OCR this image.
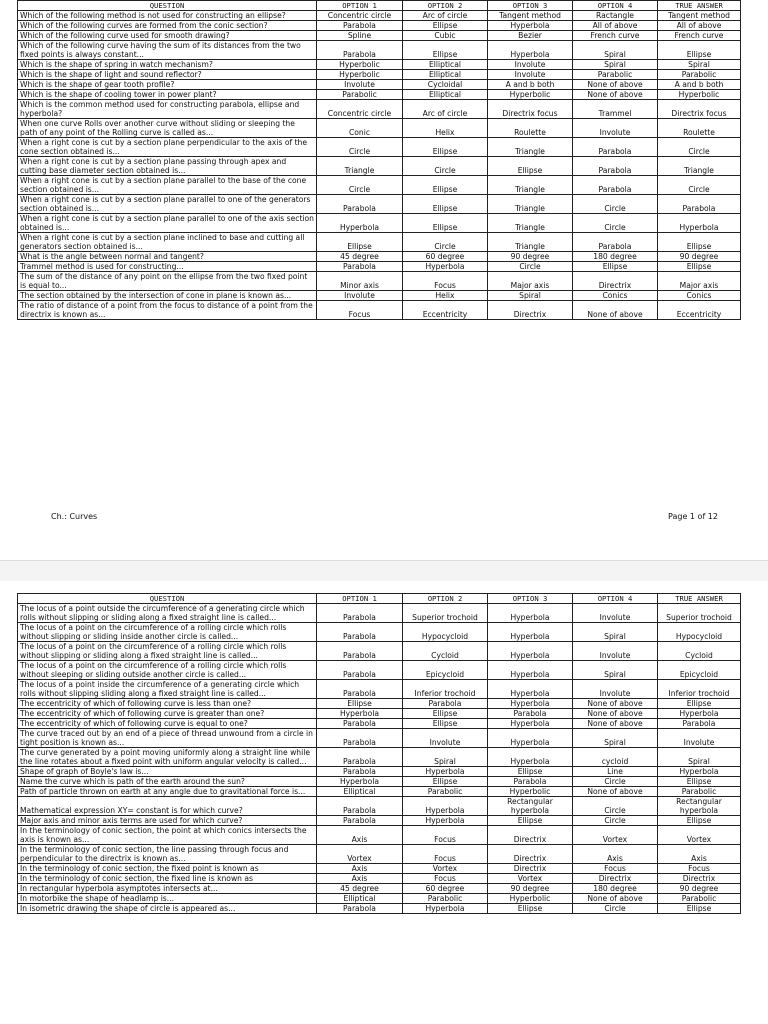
QUESTION	OPTION 1	OPTION 2	OPTION 3	OPTION 4	TRUE ANSWER
Which of the following method is not used for constructing an ellipse?	Concentric circle	Arc of circle	Tangent method	Ractangle	Tangent method
Which of the following curves are formed from the conic section?	Parabola	Ellipse	Hyperbola	All of above	All of above
Which of the following curve used for smooth drawing?	Spline	Cubic	Bezier	French curve	French curve
Which of the following curve having the sum of its distances from the two fixed points is always constant...	Parabola	Ellipse	Hyperbola	Spiral	Ellipse
Which is the shape of spring in watch mechanism?	Hyperbolic	Elliptical	Involute	Spiral	Spiral
Which is the shape of light and sound reflector?	Hyperbolic	Elliptical	Involute	Parabolic	Parabolic
Which is the shape of gear tooth profile?	Involute	Cycloidal	A and b both	None of above	A and b both
Which is the shape of cooling tower in power plant?	Parabolic	Elliptical	Hyperbolic	None of above	Hyperbolic
Which is the common method used for constructing parabola, ellipse and hyperbola?	Concentric circle	Arc of circle	Directrix focus	Trammel	Directrix focus
When one curve Rolls over another curve without sliding or sleeping the path of any point of the Rolling curve is called as...	Conic	Helix	Roulette	Involute	Roulette
When a right cone is cut by a section plane perpendicular to the axis of the cone section obtained is...	Circle	Ellipse	Triangle	Parabola	Circle
When a right cone is cut by a section plane passing through apex and cutting base diameter section obtained is...	Triangle	Circle	Ellipse	Parabola	Triangle
When a right cone is cut by a section plane parallel to the base of the cone section obtained is...	Circle	Ellipse	Triangle	Parabola	Circle
When a right cone is cut by a section plane parallel to one of the generators section obtained is...	Parabola	Ellipse	Triangle	Circle	Parabola
When a right cone is cut by a section plane parallel to one of the axis section obtained is...	Hyperbola	Ellipse	Triangle	Circle	Hyperbola
When a right cone is cut by a section plane inclined to base and cutting all generators section obtained is...	Ellipse	Circle	Triangle	Parabola	Ellipse
What is the angle between normal and tangent?	45 degree	60 degree	90 degree	180 degree	90 degree
Trammel method is used for constructing...	Parabola	Hyperbola	Circle	Ellipse	Ellipse
The sum of the distance of any point on the ellipse from the two fixed point is equal to...	Minor axis	Focus	Major axis	Directrix	Major axis
The section obtained by the intersection of cone in plane is known as...	Involute	Helix	Spiral	Conics	Conics
The ratio of distance of a point from the focus to distance of a point from the directrix is known as...	Focus	Eccentricity	Directrix	None of above	Eccentricity
Ch.: Curves	Page 1 of 12
QUESTION	OPTION 1	OPTION 2	OPTION 3	OPTION 4	TRUE ANSWER
The locus of a point outside the circumference of a generating circle which rolls without slipping or sliding along a fixed straight line is called...	Parabola	Superior trochoid	Hyperbola	Involute	Superior trochoid
The locus of a point on the circumference of a rolling circle which rolls without slipping or sliding inside another circle is called...	Parabola	Hypocycloid	Hyperbola	Spiral	Hypocycloid
The locus of a point on the circumference of a rolling circle which rolls without slipping or sliding along a fixed straight line is called...	Parabola	Cycloid	Hyperbola	Involute	Cycloid
The locus of a point on the circumference of a rolling circle which rolls without sleeping or sliding outside another circle is called...	Parabola	Epicycloid	Hyperbola	Spiral	Epicycloid
The locus of a point inside the circumference of a generating circle which rolls without slipping sliding along a fixed straight line is called...	Parabola	Inferior trochoid	Hyperbola	Involute	Inferior trochoid
The eccentricity of which of following curve is less than one?	Ellipse	Parabola	Hyperbola	None of above	Ellipse
The eccentricity of which of following curve is greater than one?	Hyperbola	Ellipse	Parabola	None of above	Hyperbola
The eccentricity of which of following curve is equal to one?	Parabola	Ellipse	Hyperbola	None of above	Parabola
The curve traced out by an end of a piece of thread unwound from a circle in tight position is known as...	Parabola	Involute	Hyperbola	Spiral	Involute
The curve generated by a point moving uniformly along a straight line while the line rotates about a fixed point with uniform angular velocity is called...	Parabola	Spiral	Hyperbola	cycloid	Spiral
Shape of graph of Boyle's law is...	Parabola	Hyperbola	Ellipse	Line	Hyperbola
Name the curve which is path of the earth around the sun?	Hyperbola	Ellipse	Parabola	Circle	Ellipse
Path of particle thrown on earth at any angle due to gravitational force is...	Elliptical	Parabolic	Hyperbolic	None of above	Parabolic
Mathematical expression XY= constant is for which curve?	Parabola	Hyperbola	Rectangular hyperbola	Circle	Rectangular hyperbola
Major axis and minor axis terms are used for which curve?	Parabola	Hyperbola	Ellipse	Circle	Ellipse
In the terminology of conic section, the point at which conics intersects the axis is known as...	Axis	Focus	Directrix	Vortex	Vortex
In the terminology of conic section, the line passing through focus and perpendicular to the directrix is known as...	Vortex	Focus	Directrix	Axis	Axis
In the terminology of conic section, the fixed point is known as	Axis	Vortex	Directrix	Focus	Focus
In the terminology of conic section, the fixed line is known as	Axis	Focus	Vortex	Directrix	Directrix
In rectangular hyperbola asymptotes intersects at...	45 degree	60 degree	90 degree	180 degree	90 degree
In motorbike the shape of headlamp is...	Elliptical	Parabolic	Hyperbolic	None of above	Parabolic
In isometric drawing the shape of circle is appeared as...	Parabola	Hyperbola	Ellipse	Circle	Ellipse
